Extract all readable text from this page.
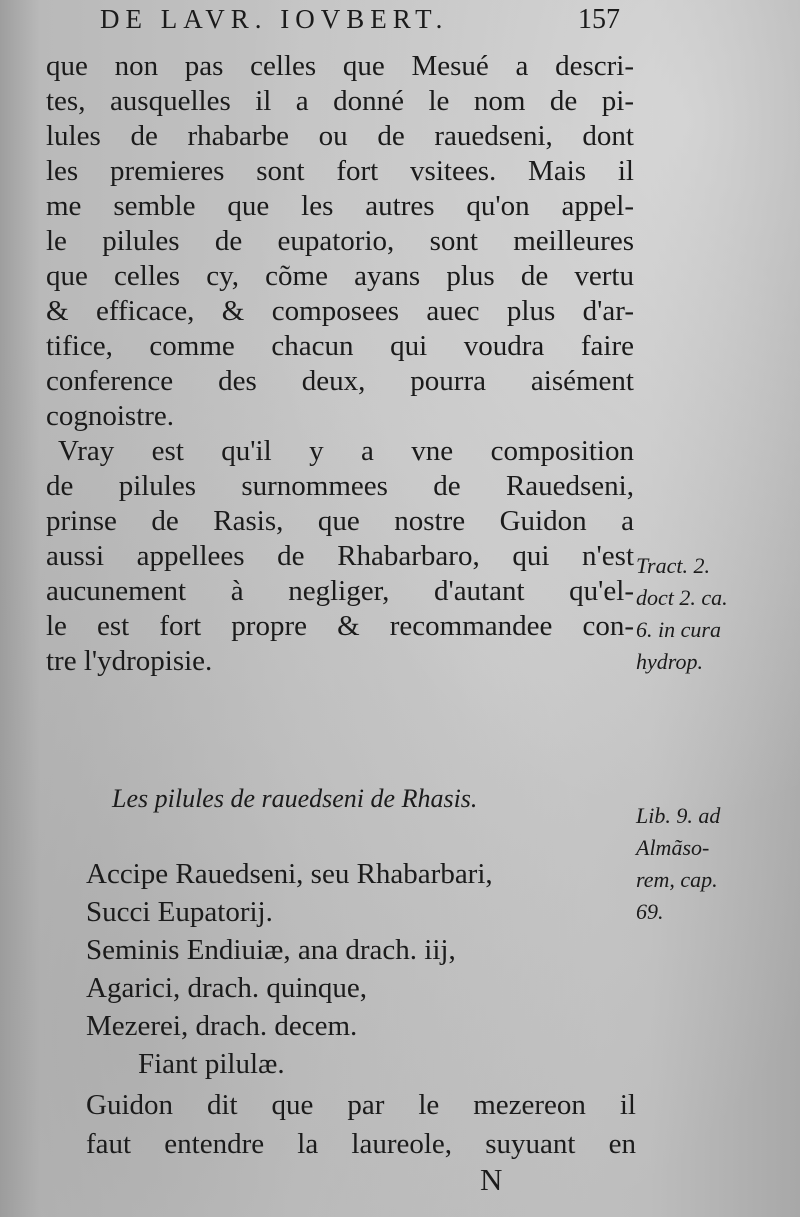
DE LAVR. IOVBERT.	157
que non pas celles que Mesué a descri-
tes, ausquelles il a donné le nom de pi-
lules de rhabarbe ou de rauedseni, dont
les premieres sont fort vsitees. Mais il
me semble que les autres qu'on appel-
le pilules de eupatorio, sont meilleures
que celles cy, cõme ayans plus de vertu
& efficace, & composees auec plus d'ar-
tifice, comme chacun qui voudra faire
conference des deux, pourra aisément
cognoistre.
Vray est qu'il y a vne composition
de pilules surnommees de Rauedseni,
prinse de Rasis, que nostre Guidon a
aussi appellees de Rhabarbaro, qui n'est
aucunement à negliger, d'autant qu'el-
le est fort propre & recommandee con-
tre l'ydropisie.
Tract. 2.
doct 2. ca.
6. in cura
hydrop.
Les pilules de rauedseni de Rhasis.
Lib. 9. ad
Almãso-
rem, cap.
69.
Accipe Rauedseni, seu Rhabarbari,
Succi Eupatorij.
Seminis Endiuiæ, ana drach. iij,
Agarici, drach. quinque,
Mezerei, drach. decem.
Fiant pilulæ.
Guidon dit que par le mezereon il
faut entendre la laureole, suyuant en
N
